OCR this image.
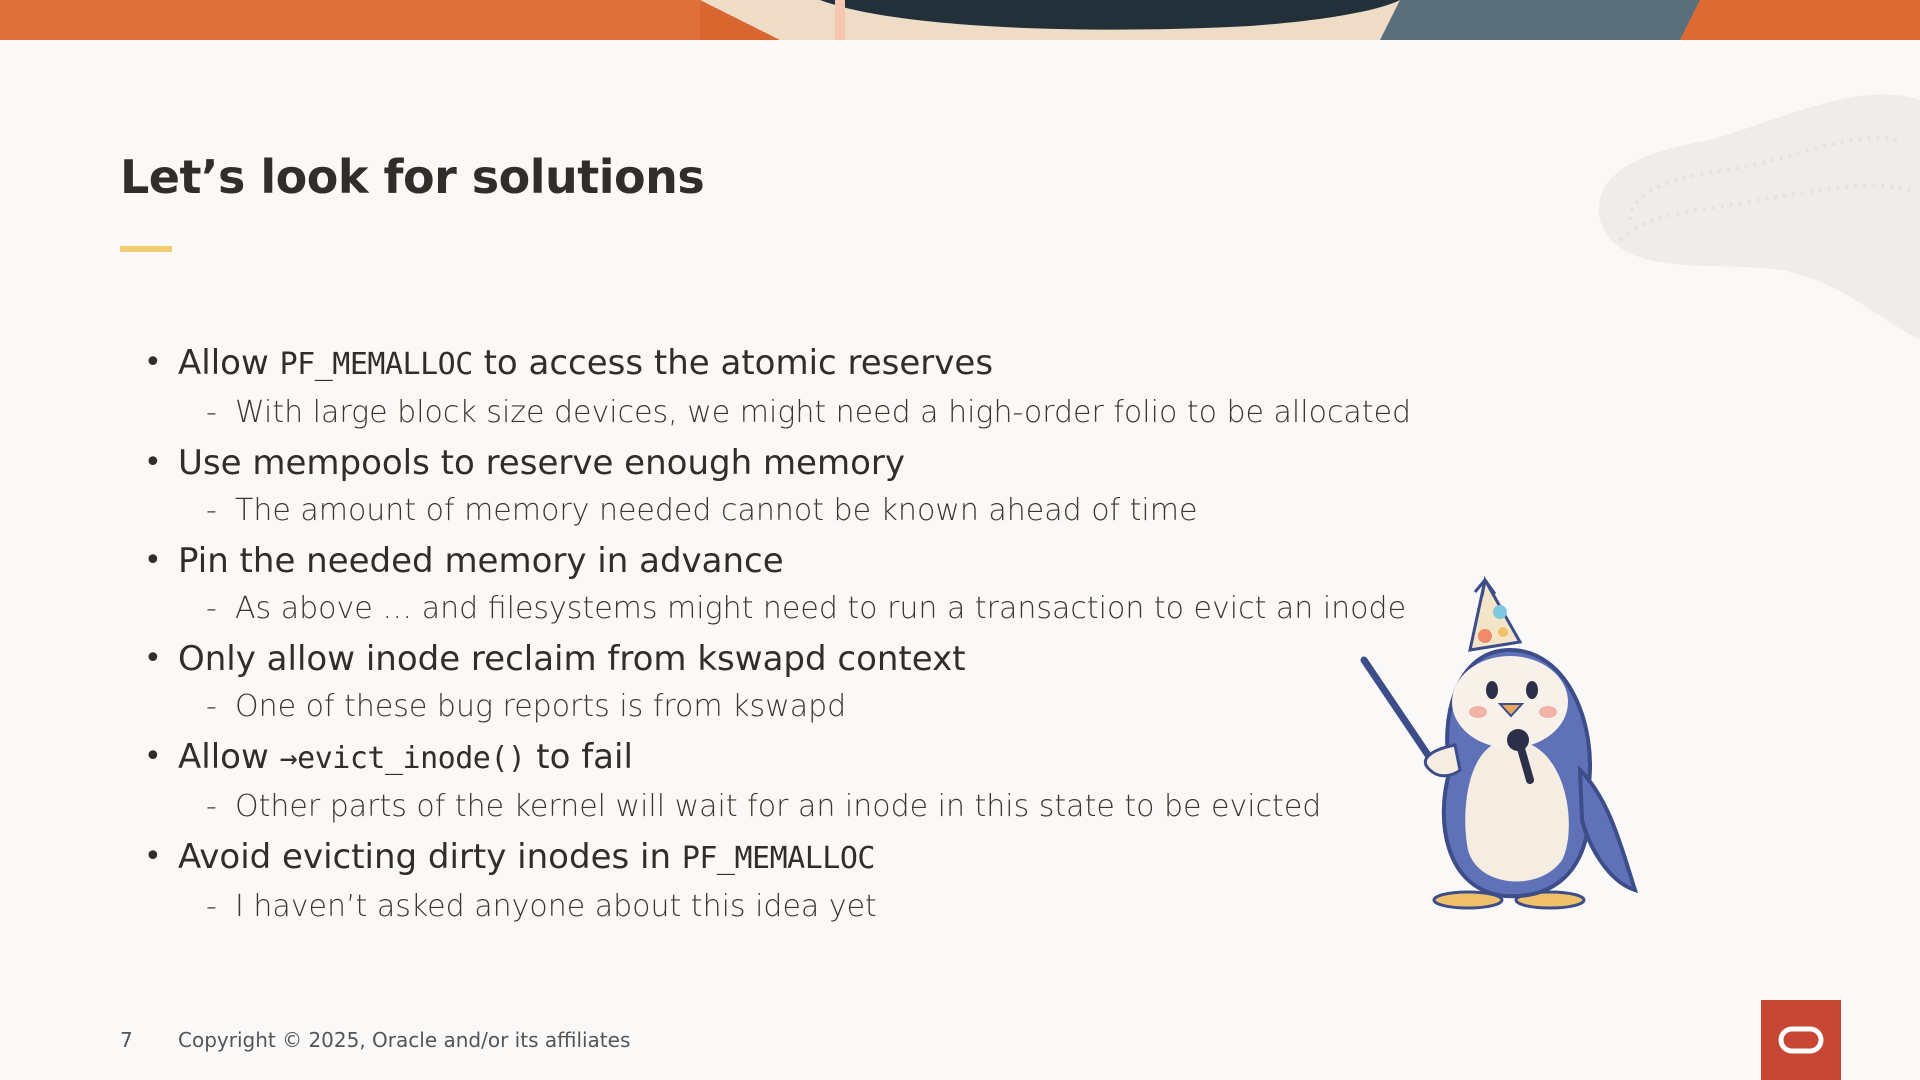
Let’s look for solutions
• Allow PF_MEMALLOC to access the atomic reserves
- With large block size devices, we might need a high-order folio to be allocated
• Use mempools to reserve enough memory
- The amount of memory needed cannot be known ahead of time
• Pin the needed memory in advance
- As above … and filesystems might need to run a transaction to evict an inode
• Only allow inode reclaim from kswapd context
- One of these bug reports is from kswapd
• Allow →evict_inode() to fail
- Other parts of the kernel will wait for an inode in this state to be evicted
• Avoid evicting dirty inodes in PF_MEMALLOC
- I haven’t asked anyone about this idea yet
7 Copyright © 2025, Oracle and/or its affiliates
